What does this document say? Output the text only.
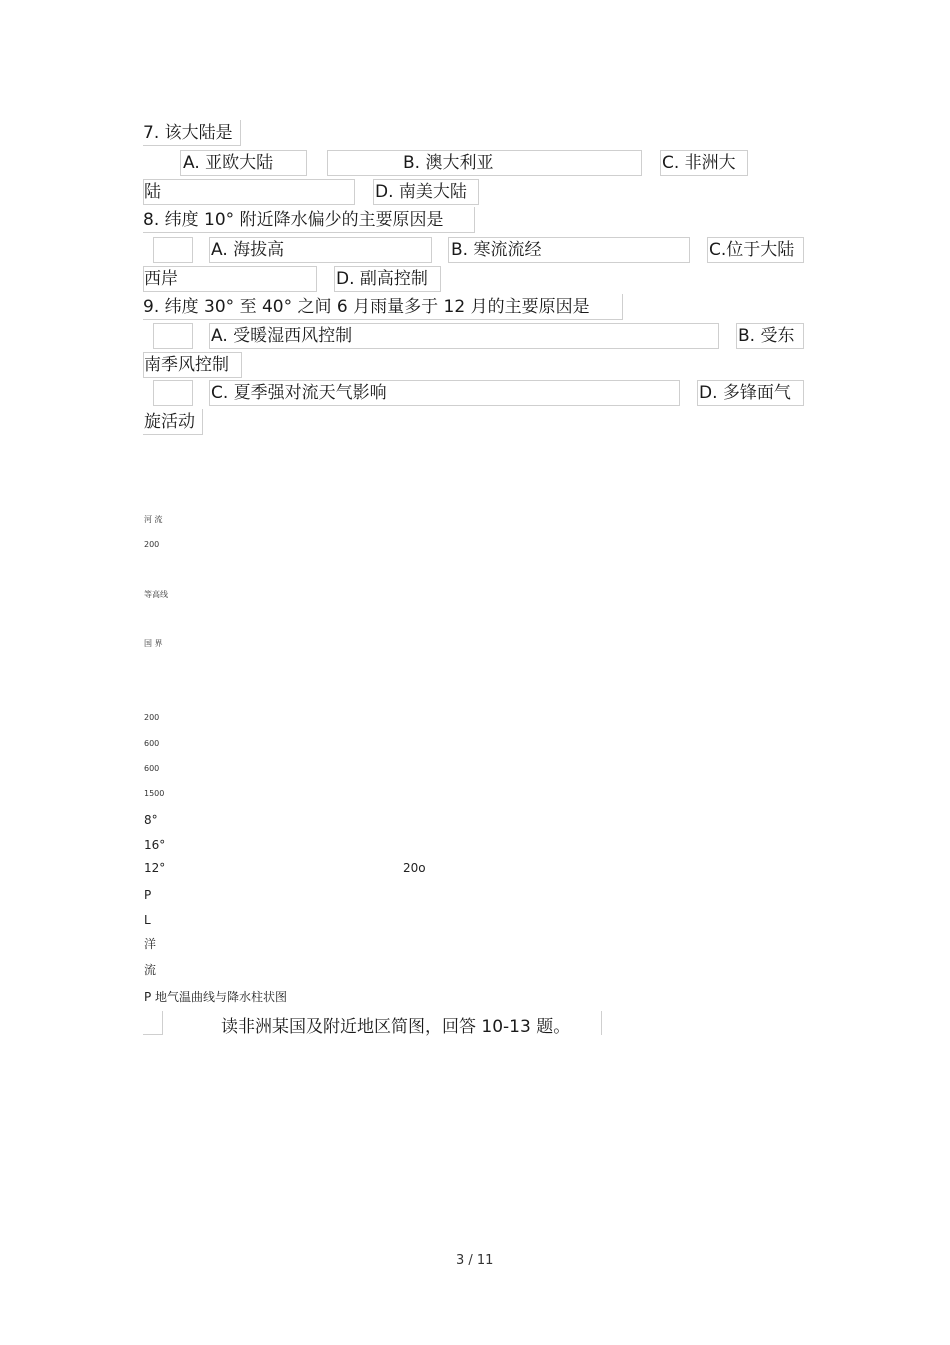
7. 该大陆是
A. 亚欧大陆	B. 澳大利亚	C. 非洲大
陆	D. 南美大陆
8. 纬度 10° 附近降水偏少的主要原因是
A. 海拔高	B. 寒流流经	C.位于大陆
西岸	D. 副高控制
9. 纬度 30° 至 40° 之间 6 月雨量多于 12 月的主要原因是
A. 受暖湿西风控制	B. 受东
南季风控制
C. 夏季强对流天气影响	D. 多锋面气
旋活动
河 流
200
等高线
国 界
200
600
600
1500
8°
16°
12°	20o
P
L
洋
流
P 地气温曲线与降水柱状图
读非洲某国及附近地区简图，回答 10-13 题。
3 / 11
